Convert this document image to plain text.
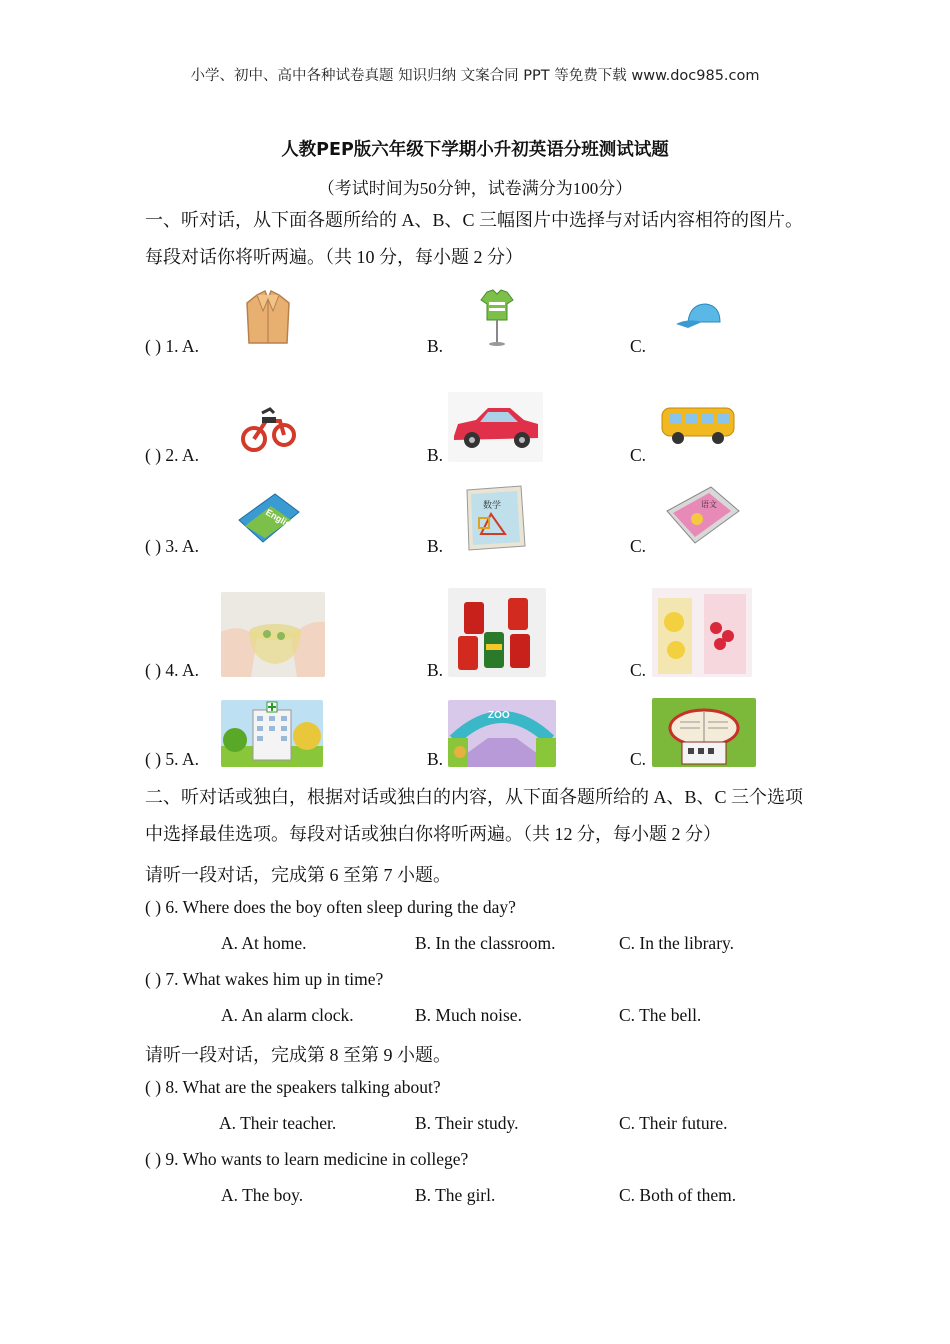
小学、初中、高中各种试卷真题 知识归纳 文案合同 PPT 等免费下载 www.doc985.com
人教PEP版六年级下学期小升初英语分班测试试题
（考试时间为50分钟，试卷满分为100分）
一、听对话，从下面各题所给的 A、B、C 三幅图片中选择与对话内容相符的图片。每段对话你将听两遍。（共 10 分，每小题 2 分）
( ) 1. A.	B.	C.
( ) 2. A.	B.	C.
( ) 3. A.	B.	C.
English
数学	语文
( ) 4. A.	B.	C.
( ) 5. A.	B.	C.
ZOO
二、听对话或独白，根据对话或独白的内容，从下面各题所给的 A、B、C 三个选项中选择最佳选项。每段对话或独白你将听两遍。（共 12 分，每小题 2 分）
请听一段对话，完成第 6 至第 7 小题。
( ) 6. Where does the boy often sleep during the day?
A. At home.	B. In the classroom.	C. In the library.
( ) 7. What wakes him up in time?
A. An alarm clock.	B. Much noise.	C. The bell.
请听一段对话，完成第 8 至第 9 小题。
( ) 8. What are the speakers talking about?
A. Their teacher.	B. Their study.	C. Their future.
( ) 9. Who wants to learn medicine in college?
A. The boy.	B. The girl.	C. Both of them.
